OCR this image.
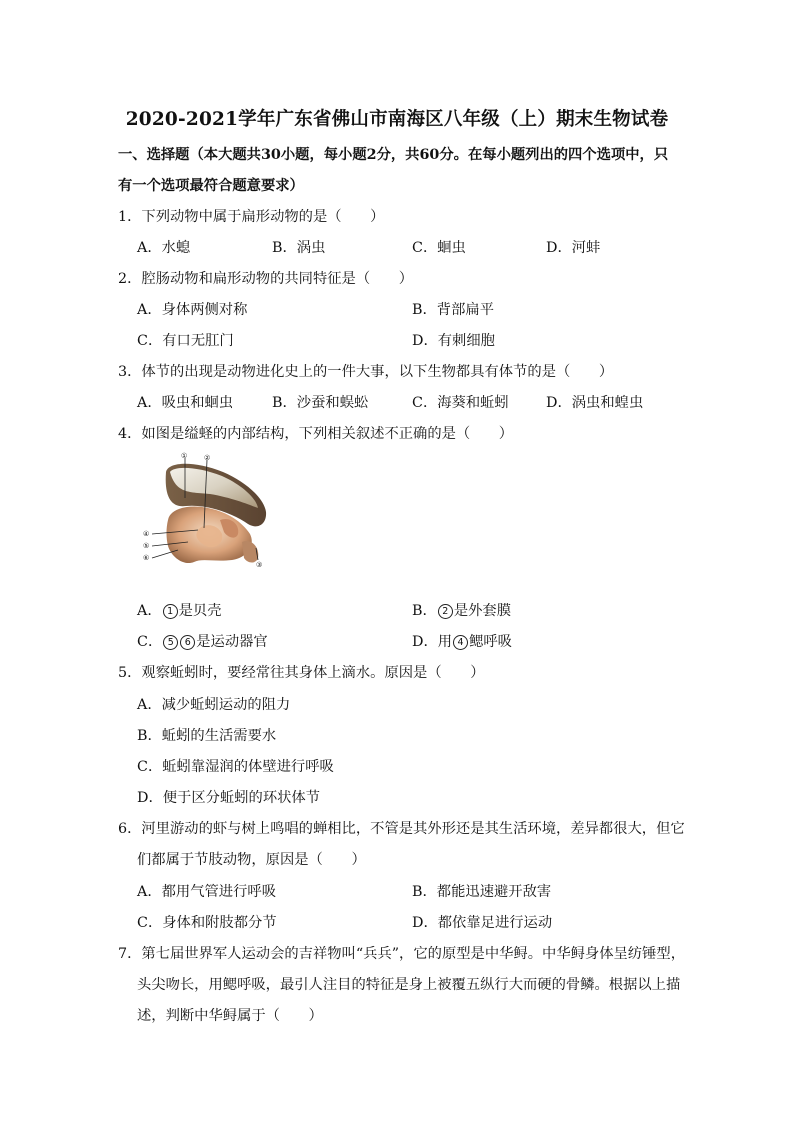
2020-2021学年广东省佛山市南海区八年级（上）期末生物试卷
一、选择题（本大题共30小题，每小题2分，共60分。在每小题列出的四个选项中，只
有一个选项最符合题意要求）
1．下列动物中属于扁形动物的是（　　）
A．水螅	B．涡虫	C．蛔虫	D．河蚌
2．腔肠动物和扁形动物的共同特征是（　　）
A．身体两侧对称	B．背部扁平
C．有口无肛门	D．有刺细胞
3．体节的出现是动物进化史上的一件大事，以下生物都具有体节的是（　　）
A．吸虫和蛔虫	B．沙蚕和蜈蚣	C．海葵和蚯蚓	D．涡虫和蝗虫
4．如图是缢蛏的内部结构，下列相关叙述不正确的是（　　）
① ②
③
④
⑤
⑥
A． 1 是贝壳	B． 2 是外套膜
C． 5 6 是运动器官	D．用 4 鳃呼吸
5．观察蚯蚓时，要经常往其身体上滴水。原因是（　　）
A．减少蚯蚓运动的阻力
B．蚯蚓的生活需要水
C．蚯蚓靠湿润的体壁进行呼吸
D．便于区分蚯蚓的环状体节
6．河里游动的虾与树上鸣唱的蝉相比，不管是其外形还是其生活环境，差异都很大，但它
们都属于节肢动物，原因是（　　）
A．都用气管进行呼吸	B．都能迅速避开敌害
C．身体和附肢都分节	D．都依靠足进行运动
7．第七届世界军人运动会的吉祥物叫“兵兵”，它的原型是中华鲟。中华鲟身体呈纺锤型，
头尖吻长，用鳃呼吸，最引人注目的特征是身上被覆五纵行大而硬的骨鳞。根据以上描
述，判断中华鲟属于（　　）
